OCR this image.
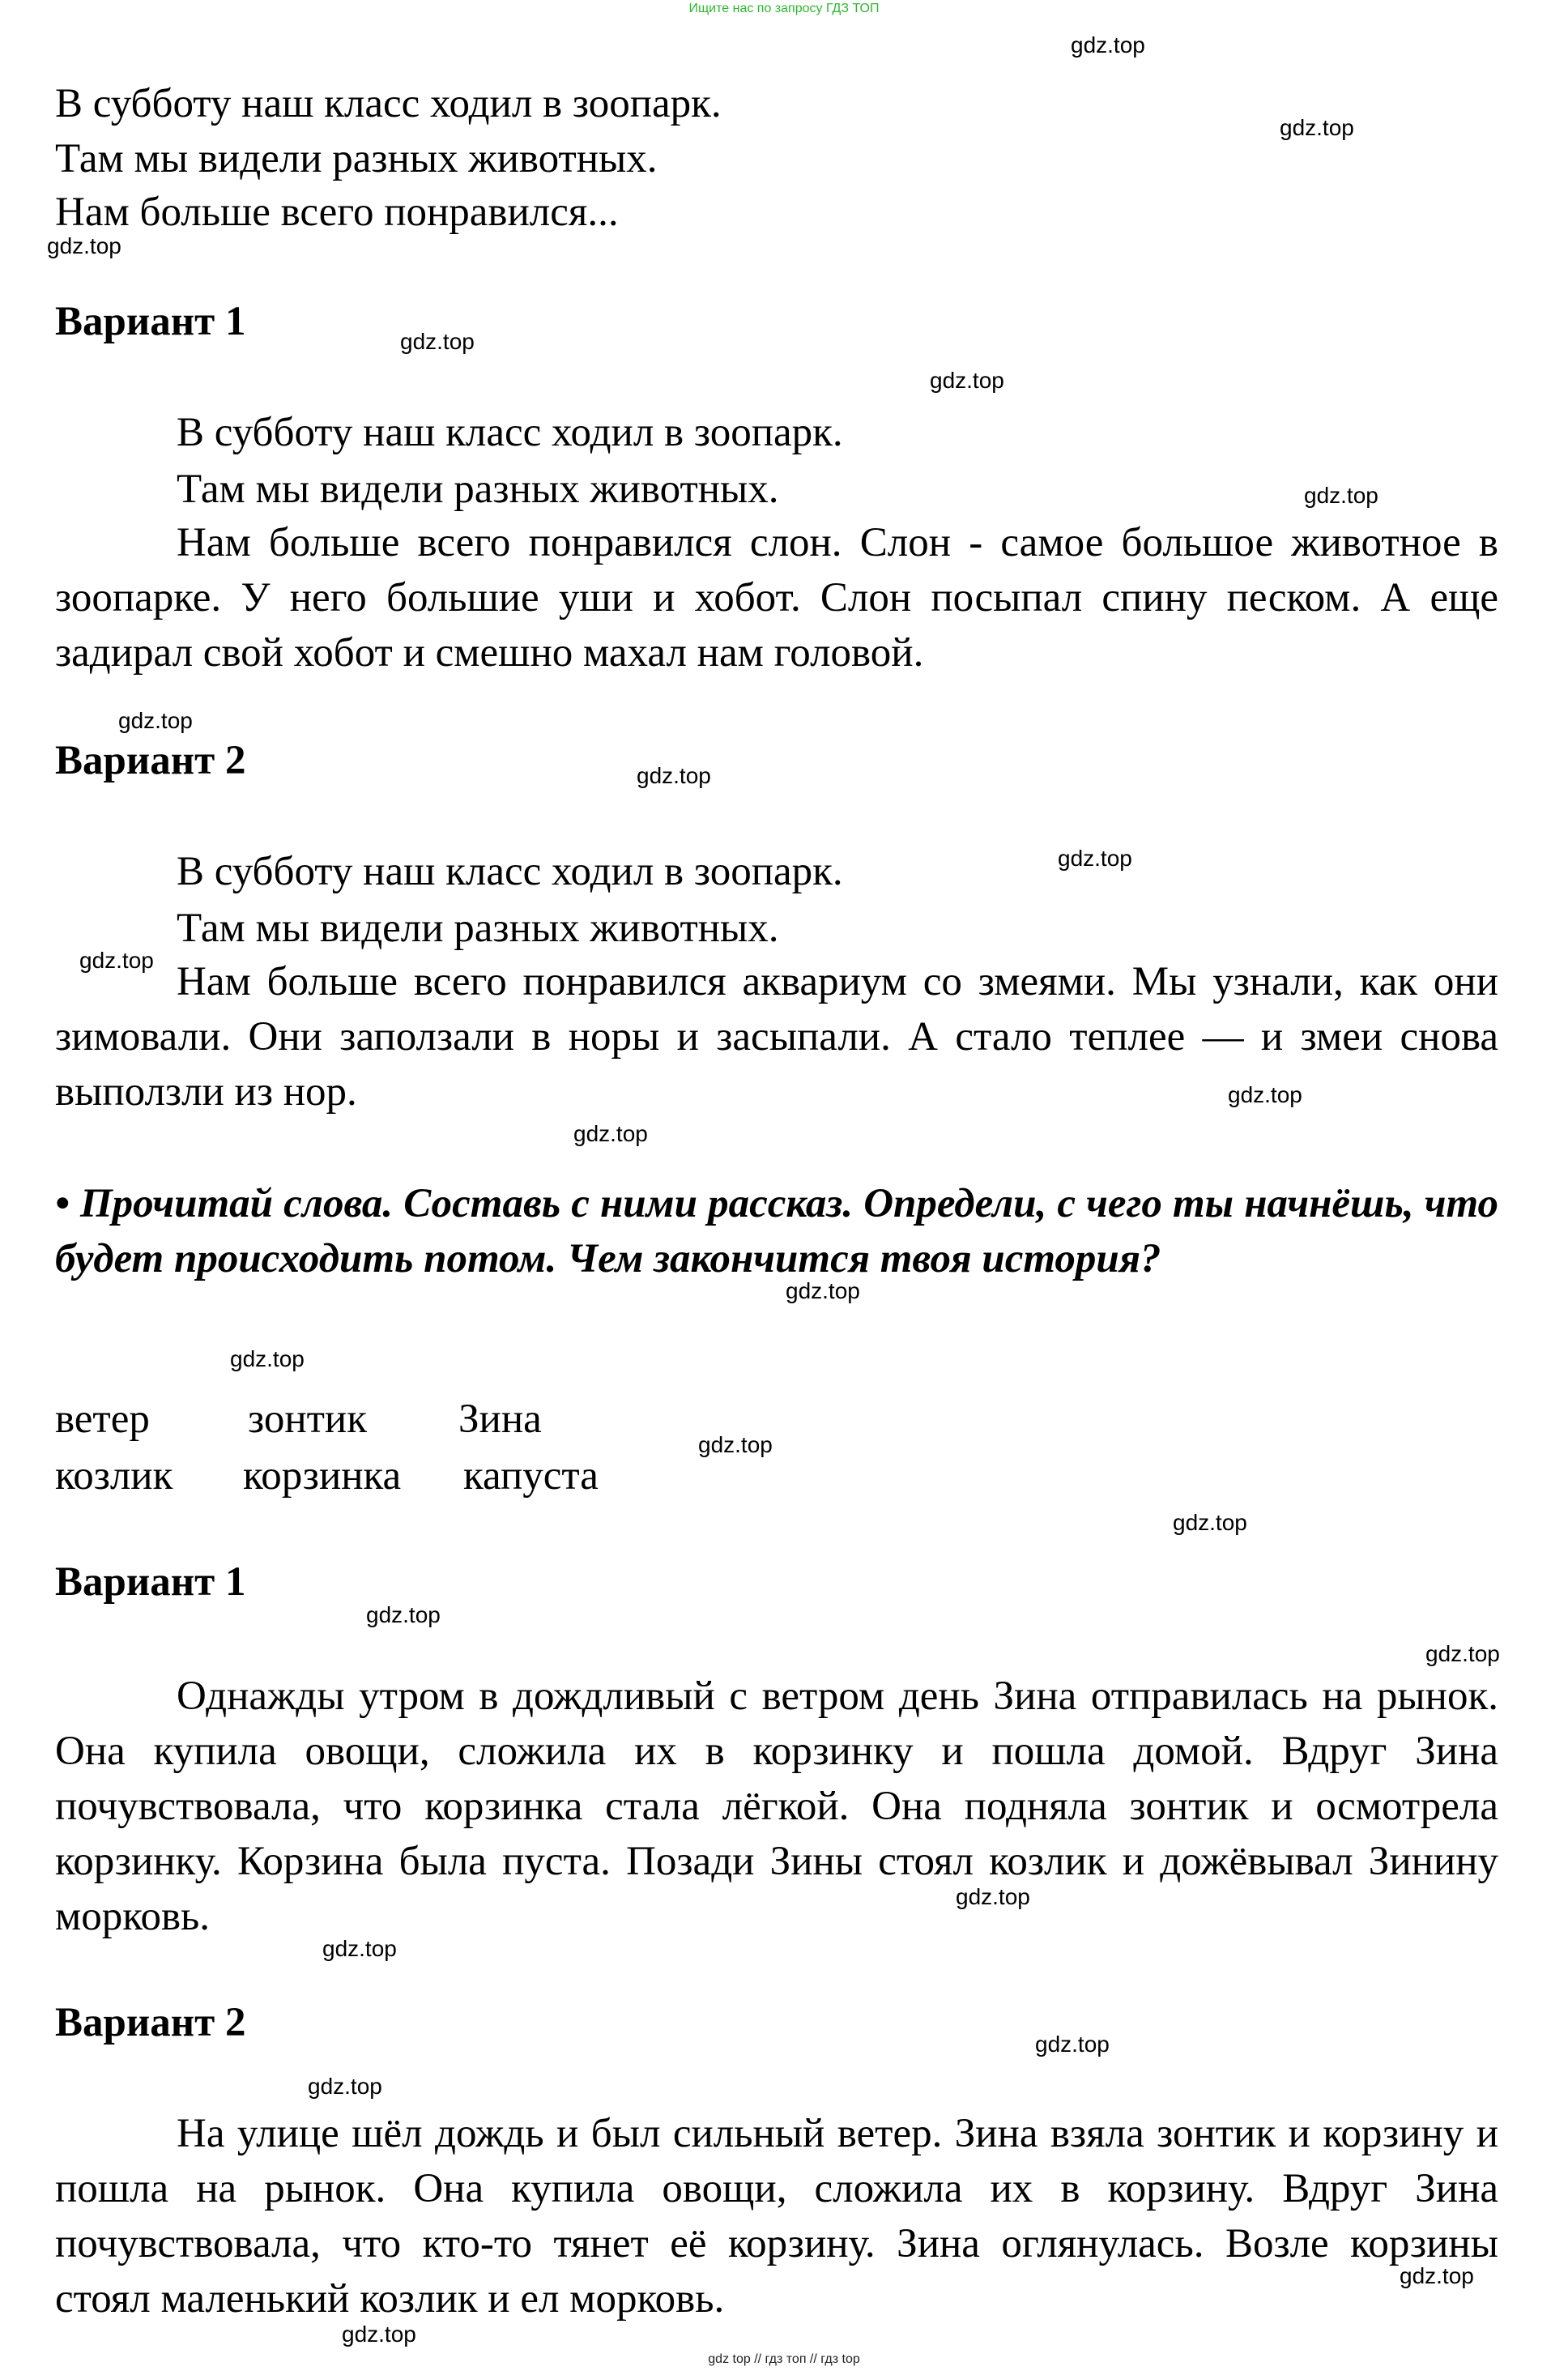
Ищите нас по запросу ГДЗ ТОП
В субботу наш класс ходил в зоопарк.
Там мы видели разных животных.
Нам больше всего понравился...
Вариант 1
В субботу наш класс ходил в зоопарк.
Там мы видели разных животных.

Нам больше всего понравился слон. Слон - самое большое животное в зоопарке. У него большие уши и хобот. Слон посыпал спину песком. А еще задирал свой хобот и смешно махал нам головой.

Вариант 2
В субботу наш класс ходил в зоопарк.
Там мы видели разных животных.

Нам больше всего понравился аквариум со змеями. Мы узнали, как они зимовали. Они заползали в норы и засыпали. А стало теплее — и змеи снова выползли из нор.

• Прочитай слова. Составь с ними рассказ. Определи, с чего ты начнёшь, что будет происходить потом. Чем закончится твоя история?

ветер зонтик Зина
козлик корзинка капуста
Вариант 1

Однажды утром в дождливый с ветром день Зина отправилась на рынок. Она купила овощи, сложила их в корзинку и пошла домой. Вдруг Зина почувствовала, что корзинка стала лёгкой. Она подняла зонтик и осмотрела корзинку. Корзина была пуста. Позади Зины стоял козлик и дожёвывал Зинину морковь.

Вариант 2

На улице шёл дождь и был сильный ветер. Зина взяла зонтик и корзину и пошла на рынок. Она купила овощи, сложила их в корзину. Вдруг Зина почувствовала, что кто-то тянет её корзину. Зина оглянулась. Возле корзины стоял маленький козлик и ел морковь.

gdz.top
gdz.top
gdz.top
gdz.top
gdz.top
gdz.top
gdz.top
gdz.top
gdz.top
gdz.top
gdz.top
gdz.top
gdz.top
gdz.top
gdz.top
gdz.top
gdz.top
gdz.top
gdz.top
gdz.top
gdz.top
gdz.top
gdz.top
gdz.top
gdz top // гдз топ // гдз top
